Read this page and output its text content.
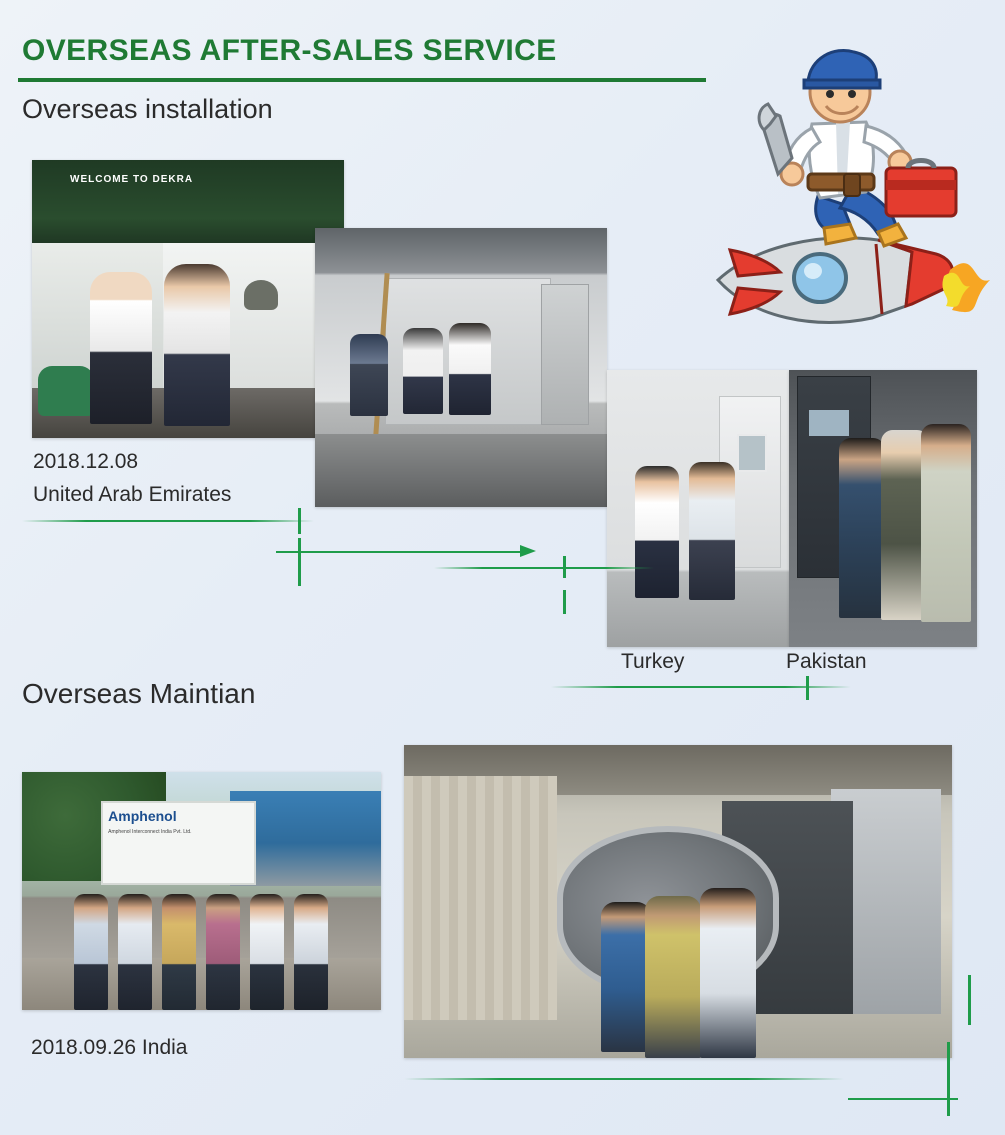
OVERSEAS AFTER-SALES SERVICE
Overseas installation
WELCOME TO DEKRA
2018.12.08
United Arab Emirates
Turkey	Pakistan
Overseas Maintian
Amphenol
Amphenol Interconnect India Pvt. Ltd.
2018.09.26 India
